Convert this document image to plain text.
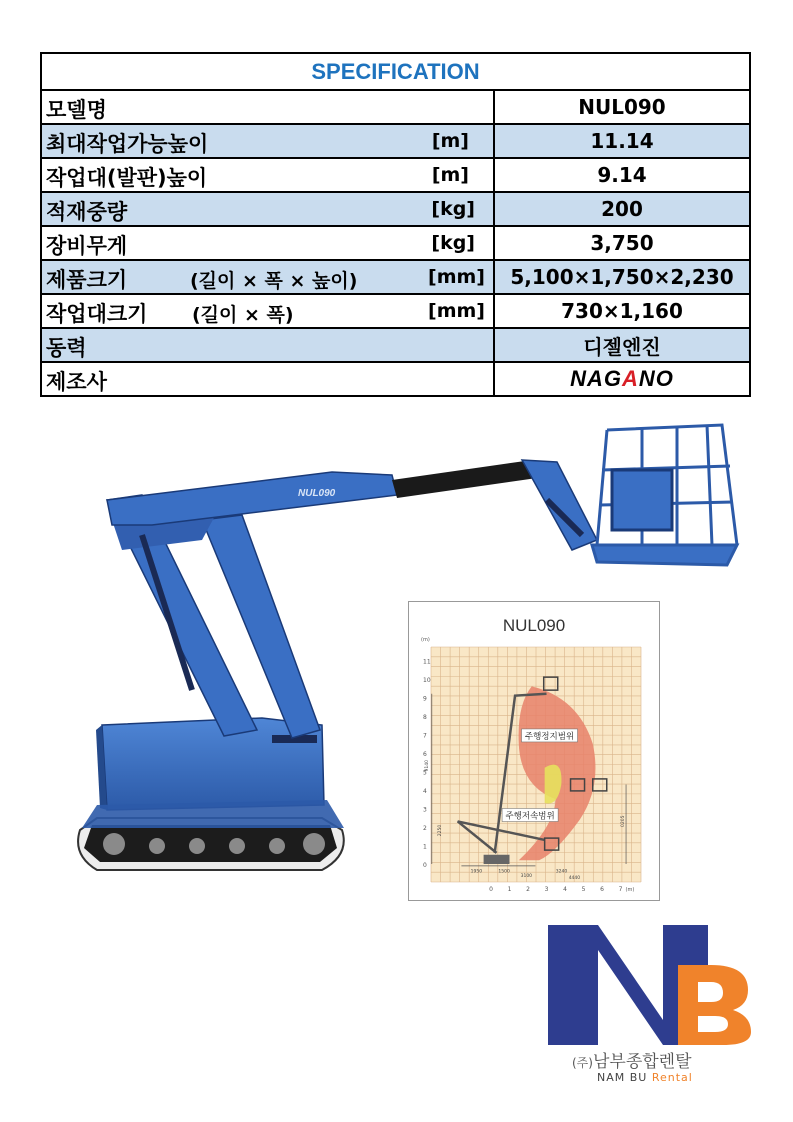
SPECIFICATION
모델명	NUL090
최대작업가능높이	[m]	11.14
작업대(발판)높이	[m]	9.14
적재중량	[kg]	200
장비무게	[kg]	3,750
제품크기	(길이 × 폭 × 높이)	[mm]	5,100×1,750×2,230
작업대크기 (길이 × 폭)	[mm]	730×1,160
동력	디젤엔진
제조사	NAGANO
NUL090
NUL090
주행정지범위
주행저속범위
9140
2250
1950	1500
3100
3240
4440
0205
11
10
9
8
7
6
5
4
3
2
1
0
(m)
0 1 2 3 4 5 6 7 (m)
(주)남부종합렌탈
NAM BU Rental
